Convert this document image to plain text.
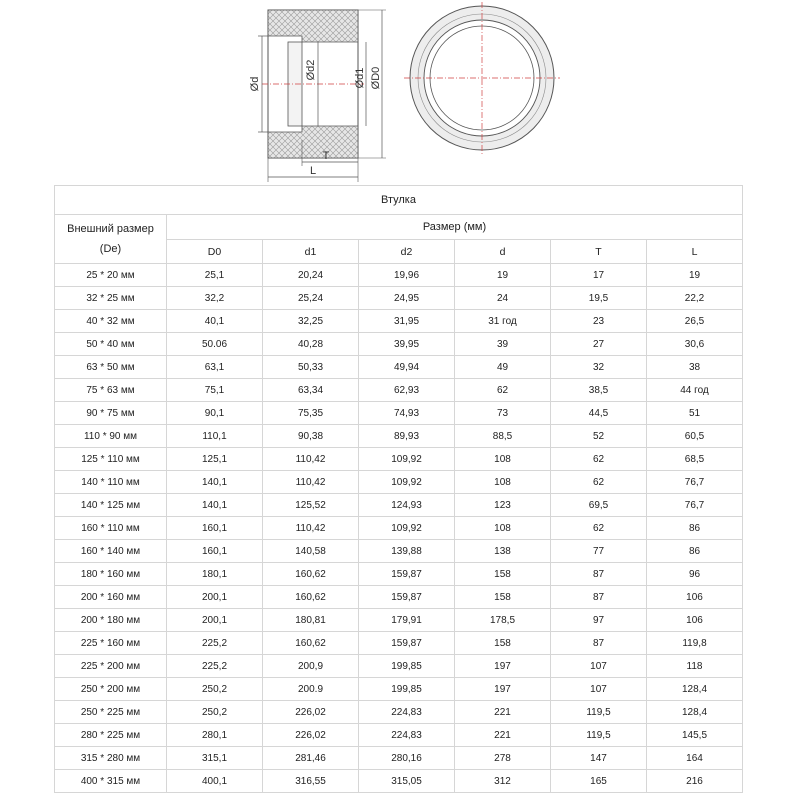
Ød
Ød2	Ød1 ØD0
T
L
Втулка						
Внешний размер (De)	Размер (мм)					
	D0	d1	d2	d	T	L
25 * 20 мм	25,1	20,24	19,96	19	17	19
32 * 25 мм	32,2	25,24	24,95	24	19,5	22,2
40 * 32 мм	40,1	32,25	31,95	31 год	23	26,5
50 * 40 мм	50.06	40,28	39,95	39	27	30,6
63 * 50 мм	63,1	50,33	49,94	49	32	38
75 * 63 мм	75,1	63,34	62,93	62	38,5	44 год
90 * 75 мм	90,1	75,35	74,93	73	44,5	51
110 * 90 мм	110,1	90,38	89,93	88,5	52	60,5
125 * 110 мм	125,1	110,42	109,92	108	62	68,5
140 * 110 мм	140,1	110,42	109,92	108	62	76,7
140 * 125 мм	140,1	125,52	124,93	123	69,5	76,7
160 * 110 мм	160,1	110,42	109,92	108	62	86
160 * 140 мм	160,1	140,58	139,88	138	77	86
180 * 160 мм	180,1	160,62	159,87	158	87	96
200 * 160 мм	200,1	160,62	159,87	158	87	106
200 * 180 мм	200,1	180,81	179,91	178,5	97	106
225 * 160 мм	225,2	160,62	159,87	158	87	119,8
225 * 200 мм	225,2	200,9	199,85	197	107	118
250 * 200 мм	250,2	200.9	199,85	197	107	128,4
250 * 225 мм	250,2	226,02	224,83	221	119,5	128,4
280 * 225 мм	280,1	226,02	224,83	221	119,5	145,5
315 * 280 мм	315,1	281,46	280,16	278	147	164
400 * 315 мм	400,1	316,55	315,05	312	165	216
